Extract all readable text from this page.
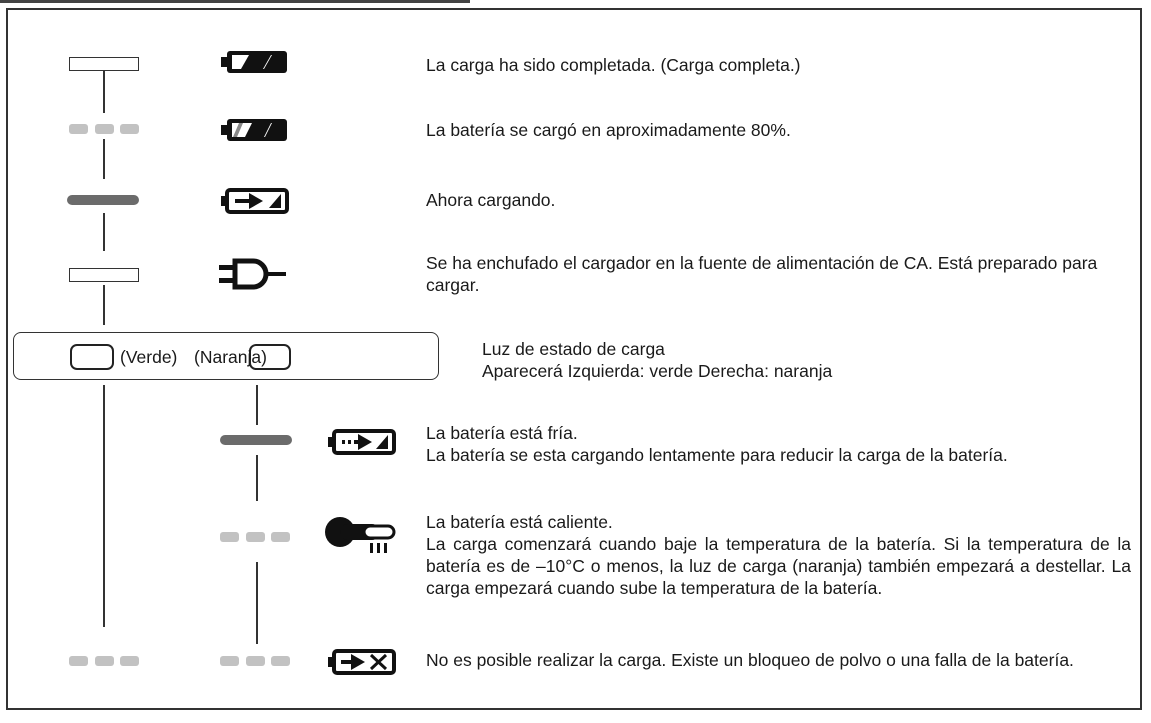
La carga ha sido completada. (Carga completa.)
La batería se cargó en aproximadamente 80%.
Ahora cargando.
Se ha enchufado el cargador en la fuente de alimentación de CA. Está preparado para cargar.
(Verde) (Naranja)	Luz de estado de carga
Aparecerá Izquierda: verde Derecha: naranja
La batería está fría.
La batería se esta cargando lentamente para reducir la carga de la batería.
La batería está caliente.
La carga comenzará cuando baje la temperatura de la batería. Si la temperatura de la batería es de –10°C o menos, la luz de carga (naranja) también empezará a destellar. La carga empezará cuando sube la temperatura de la batería.
No es posible realizar la carga. Existe un bloqueo de polvo o una falla de la batería.
